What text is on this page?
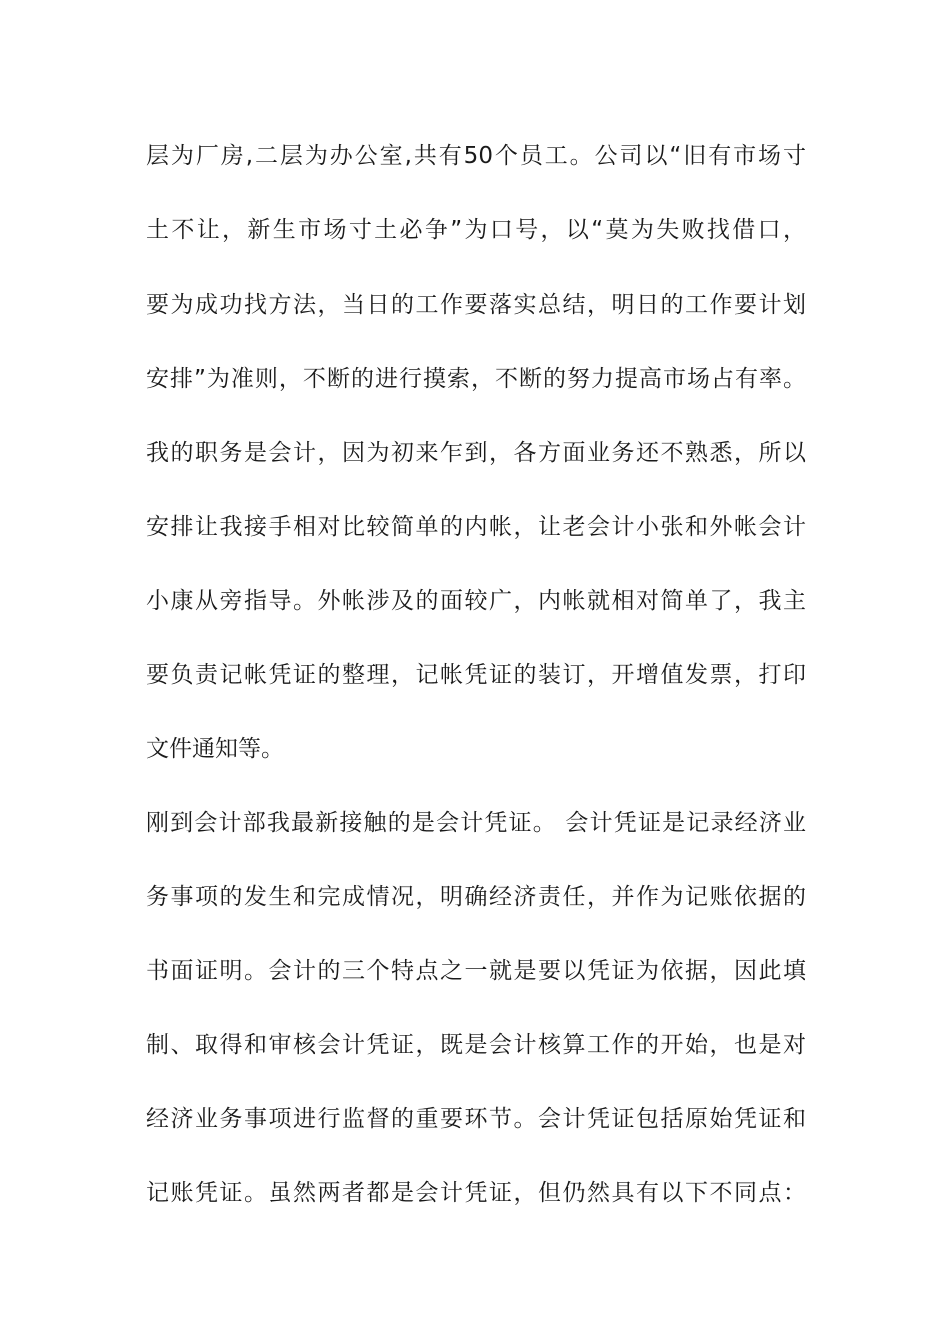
层为厂房,二层为办公室,共有50个员工。公司以“旧有市场寸
土不让，新生市场寸土必争”为口号，以“莫为失败找借口，
要为成功找方法，当日的工作要落实总结，明日的工作要计划
安排”为准则，不断的进行摸索，不断的努力提高市场占有率。
我的职务是会计，因为初来乍到，各方面业务还不熟悉，所以
安排让我接手相对比较简单的内帐，让老会计小张和外帐会计
小康从旁指导。外帐涉及的面较广，内帐就相对简单了，我主
要负责记帐凭证的整理，记帐凭证的装订，开增值发票，打印
文件通知等。
刚到会计部我最新接触的是会计凭证。 会计凭证是记录经济业
务事项的发生和完成情况，明确经济责任，并作为记账依据的
书面证明。会计的三个特点之一就是要以凭证为依据，因此填
制、取得和审核会计凭证，既是会计核算工作的开始，也是对
经济业务事项进行监督的重要环节。会计凭证包括原始凭证和
记账凭证。虽然两者都是会计凭证，但仍然具有以下不同点：
